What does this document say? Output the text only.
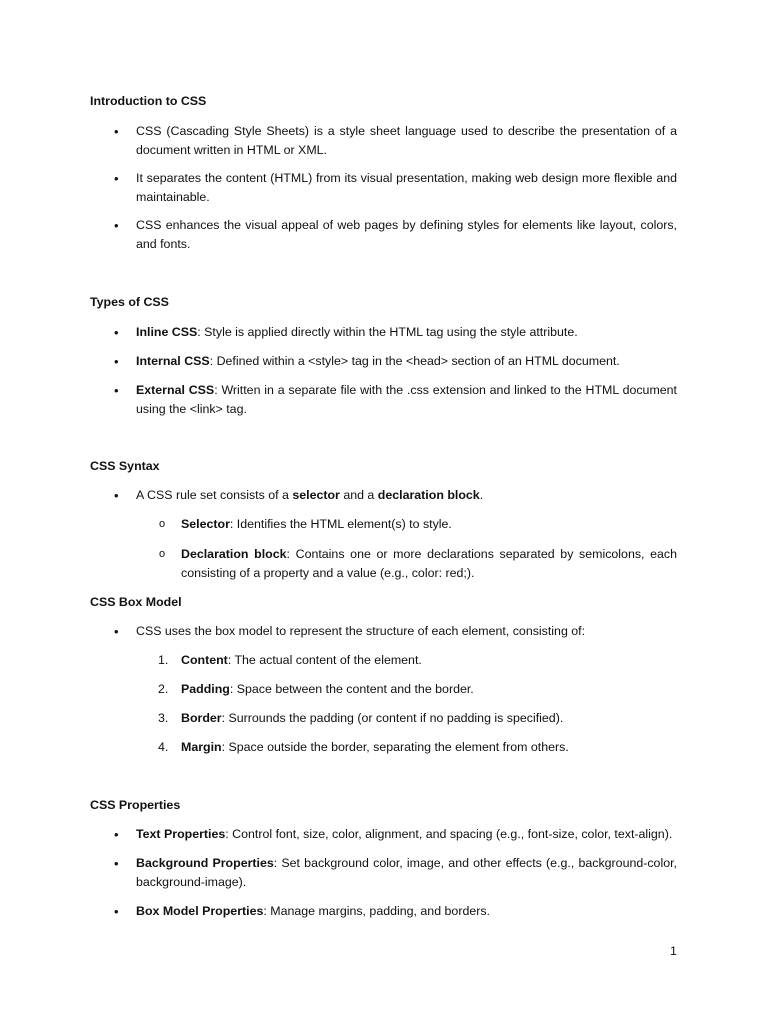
Introduction to CSS
• CSS (Cascading Style Sheets) is a style sheet language used to describe the presentation of a document written in HTML or XML.

• It separates the content (HTML) from its visual presentation, making web design more flexible and maintainable.

• CSS enhances the visual appeal of web pages by defining styles for elements like layout, colors, and fonts.

Types of CSS
• Inline CSS: Style is applied directly within the HTML tag using the style attribute.

• Internal CSS: Defined within a <style> tag in the <head> section of an HTML document.

• External CSS: Written in a separate file with the .css extension and linked to the HTML document using the <link> tag.

CSS Syntax
• A CSS rule set consists of a selector and a declaration block.

o Selector: Identifies the HTML element(s) to style.

o Declaration block: Contains one or more declarations separated by semicolons, each consisting of a property and a value (e.g., color: red;).

CSS Box Model
• CSS uses the box model to represent the structure of each element, consisting of:

1. Content: The actual content of the element.

2. Padding: Space between the content and the border.

3. Border: Surrounds the padding (or content if no padding is specified).

4. Margin: Space outside the border, separating the element from others.

CSS Properties
• Text Properties: Control font, size, color, alignment, and spacing (e.g., font-size, color, text-align).

• Background Properties: Set background color, image, and other effects (e.g., background-color, background-image).

• Box Model Properties: Manage margins, padding, and borders.

1
